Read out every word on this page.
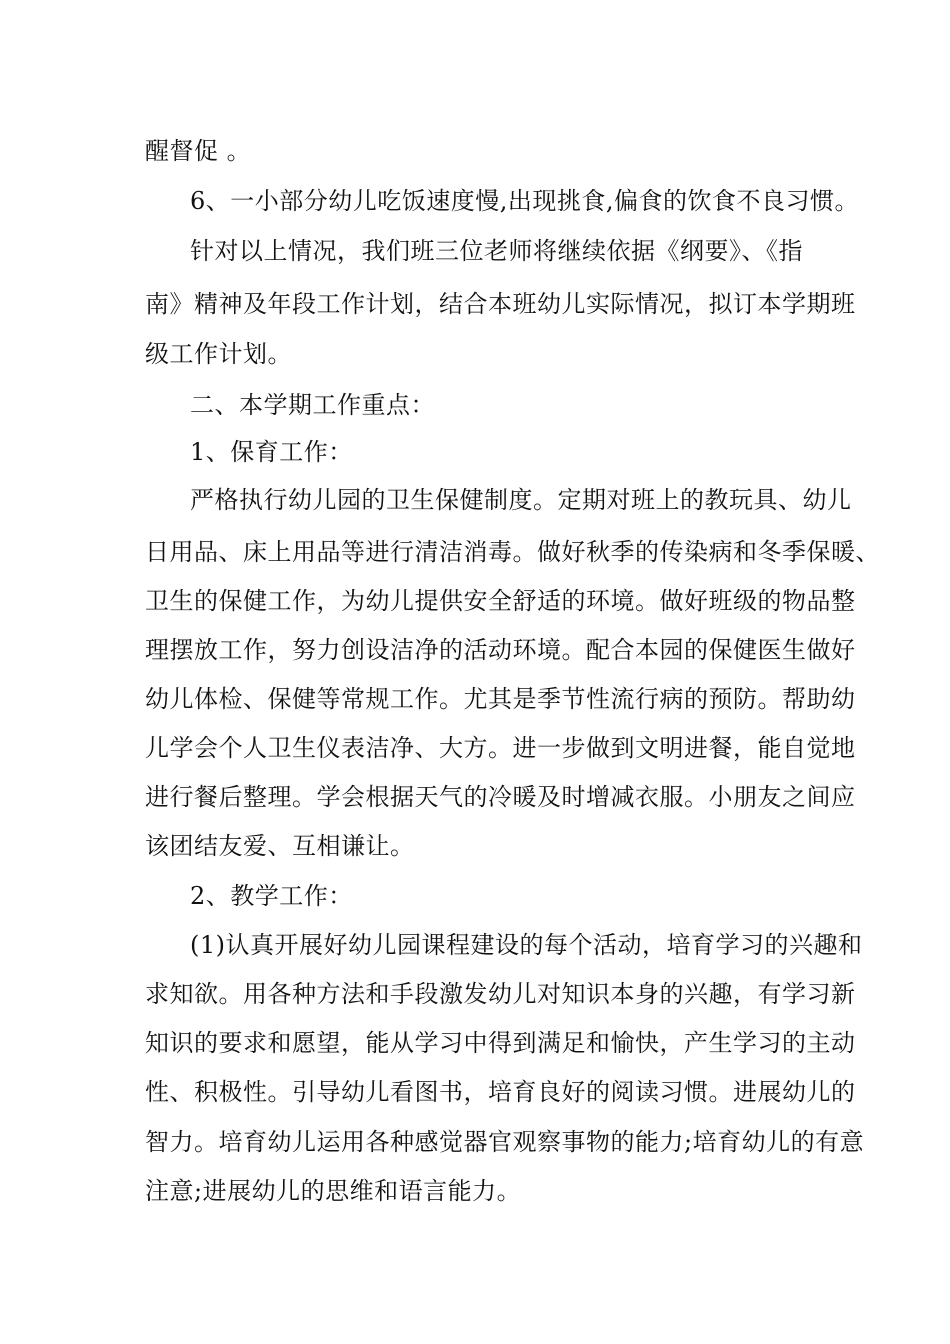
醒督促 。
6、一小部分幼儿吃饭速度慢,出现挑食,偏食的饮食不良习惯。
针对以上情况，我们班三位老师将继续依据《纲要》、《指
南》精神及年段工作计划，结合本班幼儿实际情况，拟订本学期班
级工作计划。
二、本学期工作重点：
1、保育工作：
严格执行幼儿园的卫生保健制度。定期对班上的教玩具、幼儿
日用品、床上用品等进行清洁消毒。做好秋季的传染病和冬季保暖、
卫生的保健工作，为幼儿提供安全舒适的环境。做好班级的物品整
理摆放工作，努力创设洁净的活动环境。配合本园的保健医生做好
幼儿体检、保健等常规工作。尤其是季节性流行病的预防。帮助幼
儿学会个人卫生仪表洁净、大方。进一步做到文明进餐，能自觉地
进行餐后整理。学会根据天气的冷暖及时增减衣服。小朋友之间应
该团结友爱、互相谦让。
2、教学工作：
(1)认真开展好幼儿园课程建设的每个活动，培育学习的兴趣和
求知欲。用各种方法和手段激发幼儿对知识本身的兴趣，有学习新
知识的要求和愿望，能从学习中得到满足和愉快，产生学习的主动
性、积极性。引导幼儿看图书，培育良好的阅读习惯。进展幼儿的
智力。培育幼儿运用各种感觉器官观察事物的能力;培育幼儿的有意
注意;进展幼儿的思维和语言能力。
